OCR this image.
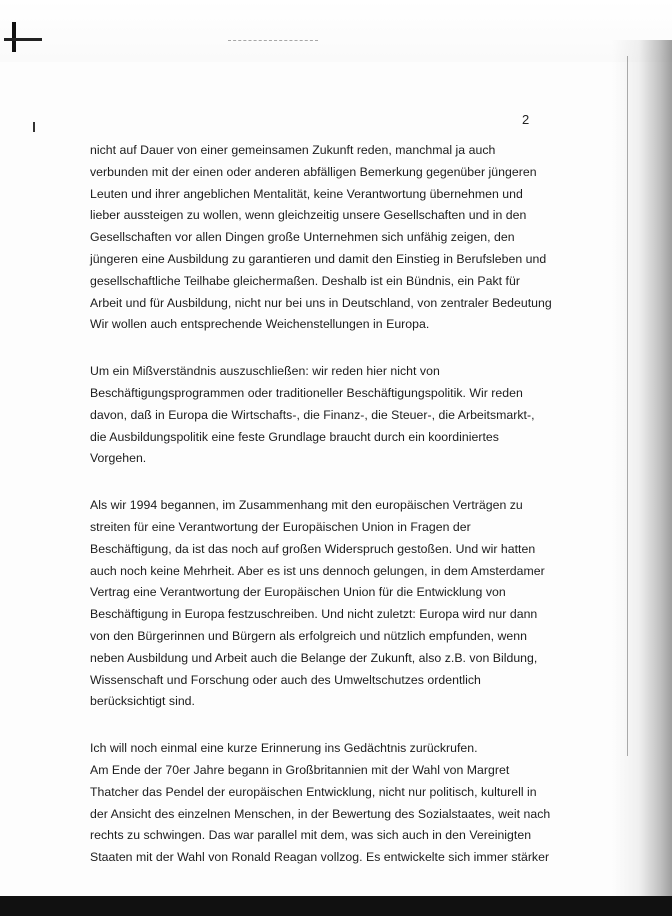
2

nicht auf Dauer von einer gemeinsamen Zukunft reden, manchmal ja auch
verbunden mit der einen oder anderen abfälligen Bemerkung gegenüber jüngeren
Leuten und ihrer angeblichen Mentalität, keine Verantwortung übernehmen und
lieber aussteigen zu wollen, wenn gleichzeitig unsere Gesellschaften und in den
Gesellschaften vor allen Dingen große Unternehmen sich unfähig zeigen, den
jüngeren eine Ausbildung zu garantieren und damit den Einstieg in Berufsleben und
gesellschaftliche Teilhabe gleichermaßen. Deshalb ist ein Bündnis, ein Pakt für
Arbeit und für Ausbildung, nicht nur bei uns in Deutschland, von zentraler Bedeutung
Wir wollen auch entsprechende Weichenstellungen in Europa.

Um ein Mißverständnis auszuschließen: wir reden hier nicht von
Beschäftigungsprogrammen oder traditioneller Beschäftigungspolitik. Wir reden
davon, daß in Europa die Wirtschafts-, die Finanz-, die Steuer-, die Arbeitsmarkt-,
die Ausbildungspolitik eine feste Grundlage braucht durch ein koordiniertes
Vorgehen.

Als wir 1994 begannen, im Zusammenhang mit den europäischen Verträgen zu
streiten für eine Verantwortung der Europäischen Union in Fragen der
Beschäftigung, da ist das noch auf großen Widerspruch gestoßen. Und wir hatten
auch noch keine Mehrheit. Aber es ist uns dennoch gelungen, in dem Amsterdamer
Vertrag eine Verantwortung der Europäischen Union für die Entwicklung von
Beschäftigung in Europa festzuschreiben. Und nicht zuletzt: Europa wird nur dann
von den Bürgerinnen und Bürgern als erfolgreich und nützlich empfunden, wenn
neben Ausbildung und Arbeit auch die Belange der Zukunft, also z.B. von Bildung,
Wissenschaft und Forschung oder auch des Umweltschutzes ordentlich
berücksichtigt sind.

Ich will noch einmal eine kurze Erinnerung ins Gedächtnis zurückrufen.
Am Ende der 70er Jahre begann in Großbritannien mit der Wahl von Margret
Thatcher das Pendel der europäischen Entwicklung, nicht nur politisch, kulturell in
der Ansicht des einzelnen Menschen, in der Bewertung des Sozialstaates, weit nach
rechts zu schwingen. Das war parallel mit dem, was sich auch in den Vereinigten
Staaten mit der Wahl von Ronald Reagan vollzog. Es entwickelte sich immer stärker
